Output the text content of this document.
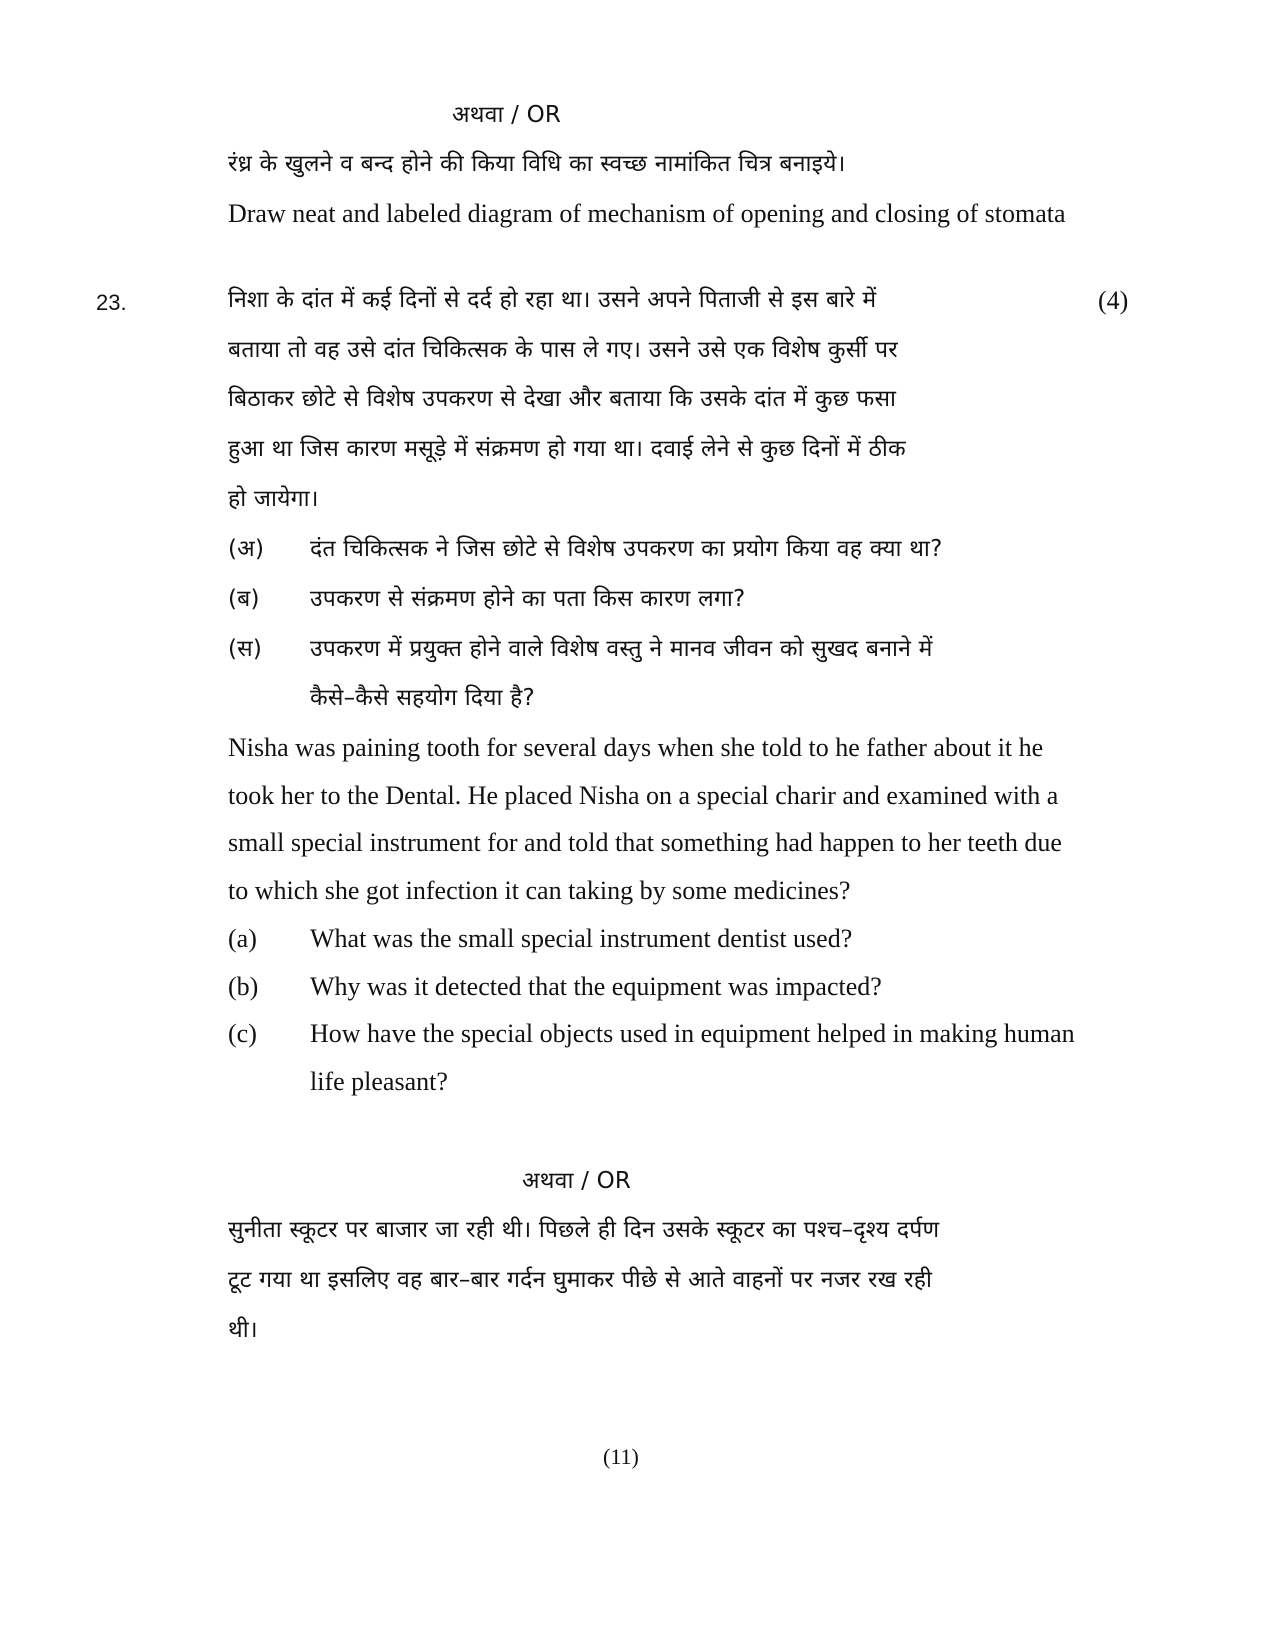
अथवा / OR
रंध्र के खुलने व बन्द होने की किया विधि का स्वच्छ नामांकित चित्र बनाइये।
Draw neat and labeled diagram of mechanism of opening and closing of stomata
23.	(4)
निशा के दांत में कई दिनों से दर्द हो रहा था। उसने अपने पिताजी से इस बारे में
बताया तो वह उसे दांत चिकित्सक के पास ले गए। उसने उसे एक विशेष कुर्सी पर
बिठाकर छोटे से विशेष उपकरण से देखा और बताया कि उसके दांत में कुछ फसा
हुआ था जिस कारण मसूड़े में संक्रमण हो गया था। दवाई लेने से कुछ दिनों में ठीक
हो जायेगा।
(अ) दंत चिकित्सक ने जिस छोटे से विशेष उपकरण का प्रयोग किया वह क्या था?
(ब) उपकरण से संक्रमण होने का पता किस कारण लगा?
(स) उपकरण में प्रयुक्त होने वाले विशेष वस्तु ने मानव जीवन को सुखद बनाने में
कैसे–कैसे सहयोग दिया है?
Nisha was paining tooth for several days when she told to he father about it he
took her to the Dental. He placed Nisha on a special charir and examined with a
small special instrument for and told that something had happen to her teeth due
to which she got infection it can taking by some medicines?
(a) What was the small special instrument dentist used?
(b) Why was it detected that the equipment was impacted?
(c) How have the special objects used in equipment helped in making human
life pleasant?
अथवा / OR
सुनीता स्कूटर पर बाजार जा रही थी। पिछले ही दिन उसके स्कूटर का पश्च–दृश्य दर्पण
टूट गया था इसलिए वह बार–बार गर्दन घुमाकर पीछे से आते वाहनों पर नजर रख रही
थी।
(11)
